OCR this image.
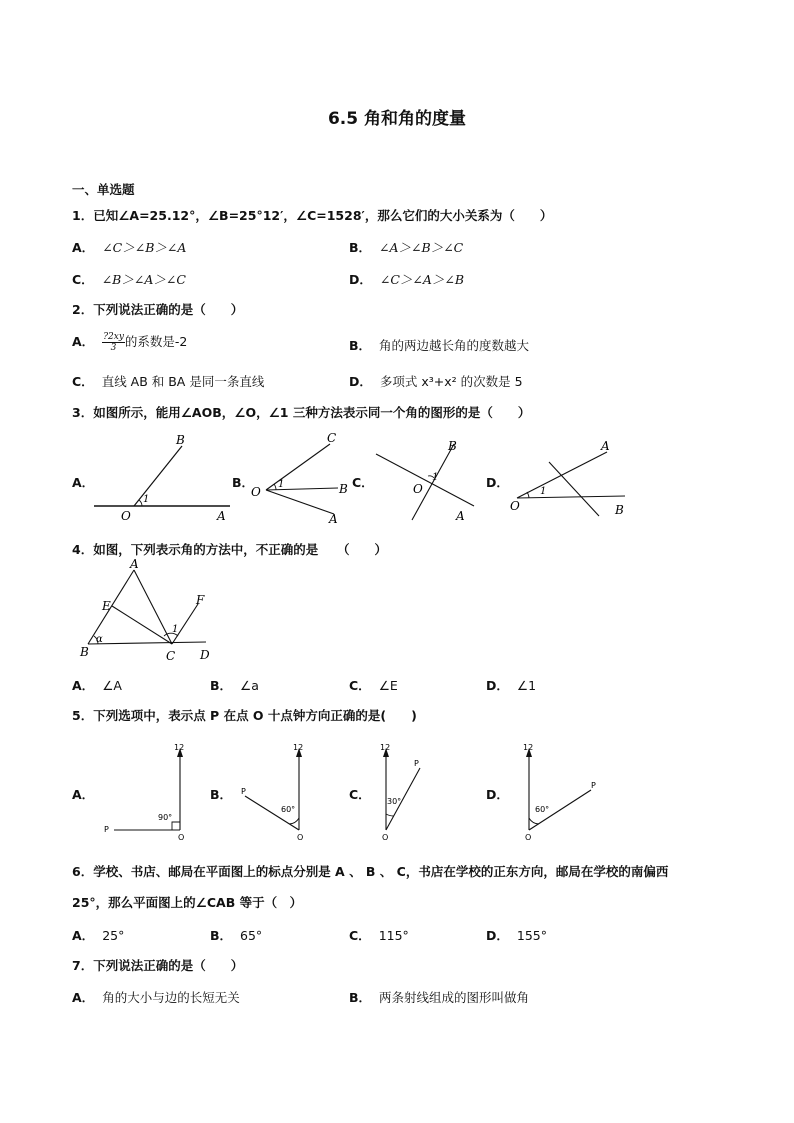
6.5 角和角的度量
一、单选题
1．已知∠A=25.12°，∠B=25°12′，∠C=1528′，那么它们的大小关系为（　　）
A． ∠C＞∠B＞∠A	B． ∠A＞∠B＞∠C
C． ∠B＞∠A＞∠C	D． ∠C＞∠A＞∠B
2．下列说法正确的是（　　）
A． $\frac{?2xy}{3}$ 的系数是-2	B． 角的两边越长角的度数越大
C． 直线 AB 和 BA 是同一条直线	D． 多项式 x³+x² 的次数是 5
3．如图所示，能用∠AOB，∠O，∠1 三种方法表示同一个角的图形的是（　　）
A．
B
O	A
1
B．
C
O	B
A
1	C．
B
O
A
1	D．
A
O	B
1
4．如图，下列表示角的方法中，不正确的是　　（　　）
A
E	F
B	C D
α
1
A． ∠A	B． ∠a	C． ∠E	D． ∠1
5．下列选项中，表示点 P 在点 O 十点钟方向正确的是(　　)
A．
12
O
P
90°
B．
12
O
P
60°
C．
12
O
P
30°	D．
12
O
P
60°
6．学校、书店、邮局在平面图上的标点分别是 A 、 B 、 C，书店在学校的正东方向，邮局在学校的南偏西
25°，那么平面图上的∠CAB 等于（　）
A． 25°	B． 65°	C． 115°	D． 155°
7．下列说法正确的是（　　）
A． 角的大小与边的长短无关	B． 两条射线组成的图形叫做角
